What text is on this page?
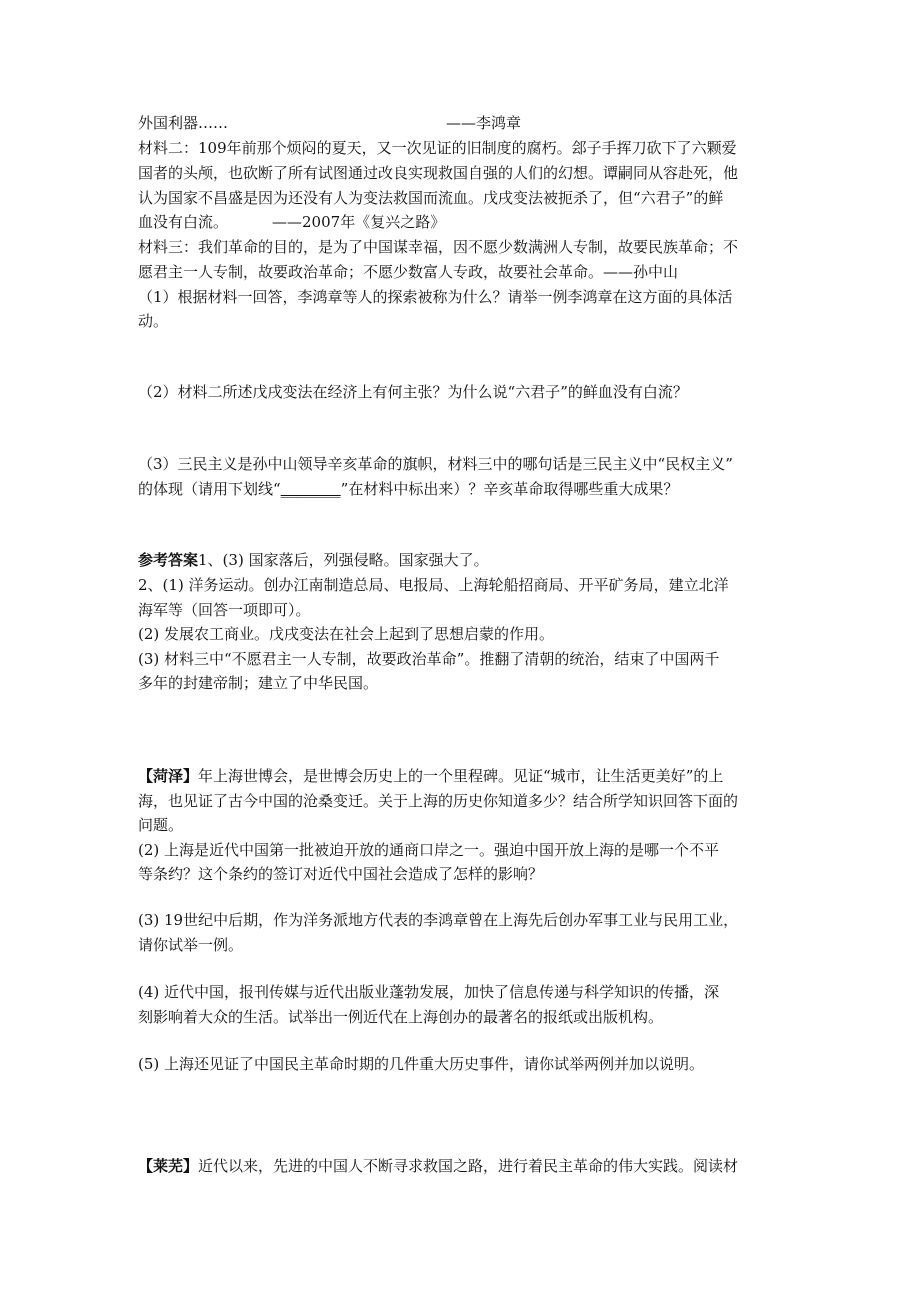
外国利器……	——李鸿章
材料二：109年前那个烦闷的夏天，又一次见证的旧制度的腐朽。郐子手挥刀砍下了六颗爱
国者的头颅，也砍断了所有试图通过改良实现救国自强的人们的幻想。谭嗣同从容赴死，他
认为国家不昌盛是因为还没有人为变法救国而流血。戊戌变法被扼杀了，但“六君子”的鲜
血没有白流。	——2007年《复兴之路》
材料三：我们革命的目的，是为了中国谋幸福，因不愿少数满洲人专制，故要民族革命；不
愿君主一人专制，故要政治革命；不愿少数富人专政，故要社会革命。——孙中山
（1）根据材料一回答，李鸿章等人的探索被称为什么？请举一例李鸿章在这方面的具体活
动。
（2）材料二所述戊戌变法在经济上有何主张？为什么说“六君子”的鲜血没有白流？
（3）三民主义是孙中山领导辛亥革命的旗帜，材料三中的哪句话是三民主义中“民权主义”
的体现（请用下划线“________”在材料中标出来）？辛亥革命取得哪些重大成果？
参考答案1、(3) 国家落后，列强侵略。国家强大了。
2、(1) 洋务运动。创办江南制造总局、电报局、上海轮船招商局、开平矿务局，建立北洋
海军等（回答一项即可）。
(2) 发展农工商业。戊戌变法在社会上起到了思想启蒙的作用。
(3) 材料三中“不愿君主一人专制，故要政治革命”。推翻了清朝的统治，结束了中国两千
多年的封建帝制；建立了中华民国。
【菏泽】年上海世博会，是世博会历史上的一个里程碑。见证“城市，让生活更美好”的上
海，也见证了古今中国的沧桑变迁。关于上海的历史你知道多少？结合所学知识回答下面的
问题。
(2) 上海是近代中国第一批被迫开放的通商口岸之一。强迫中国开放上海的是哪一个不平
等条约？这个条约的签订对近代中国社会造成了怎样的影响？
(3) 19世纪中后期，作为洋务派地方代表的李鸿章曾在上海先后创办军事工业与民用工业，
请你试举一例。
(4) 近代中国，报刊传媒与近代出版业蓬勃发展，加快了信息传递与科学知识的传播，深
刻影响着大众的生活。试举出一例近代在上海创办的最著名的报纸或出版机构。
(5) 上海还见证了中国民主革命时期的几件重大历史事件，请你试举两例并加以说明。
【莱芜】近代以来，先进的中国人不断寻求救国之路，进行着民主革命的伟大实践。阅读材
